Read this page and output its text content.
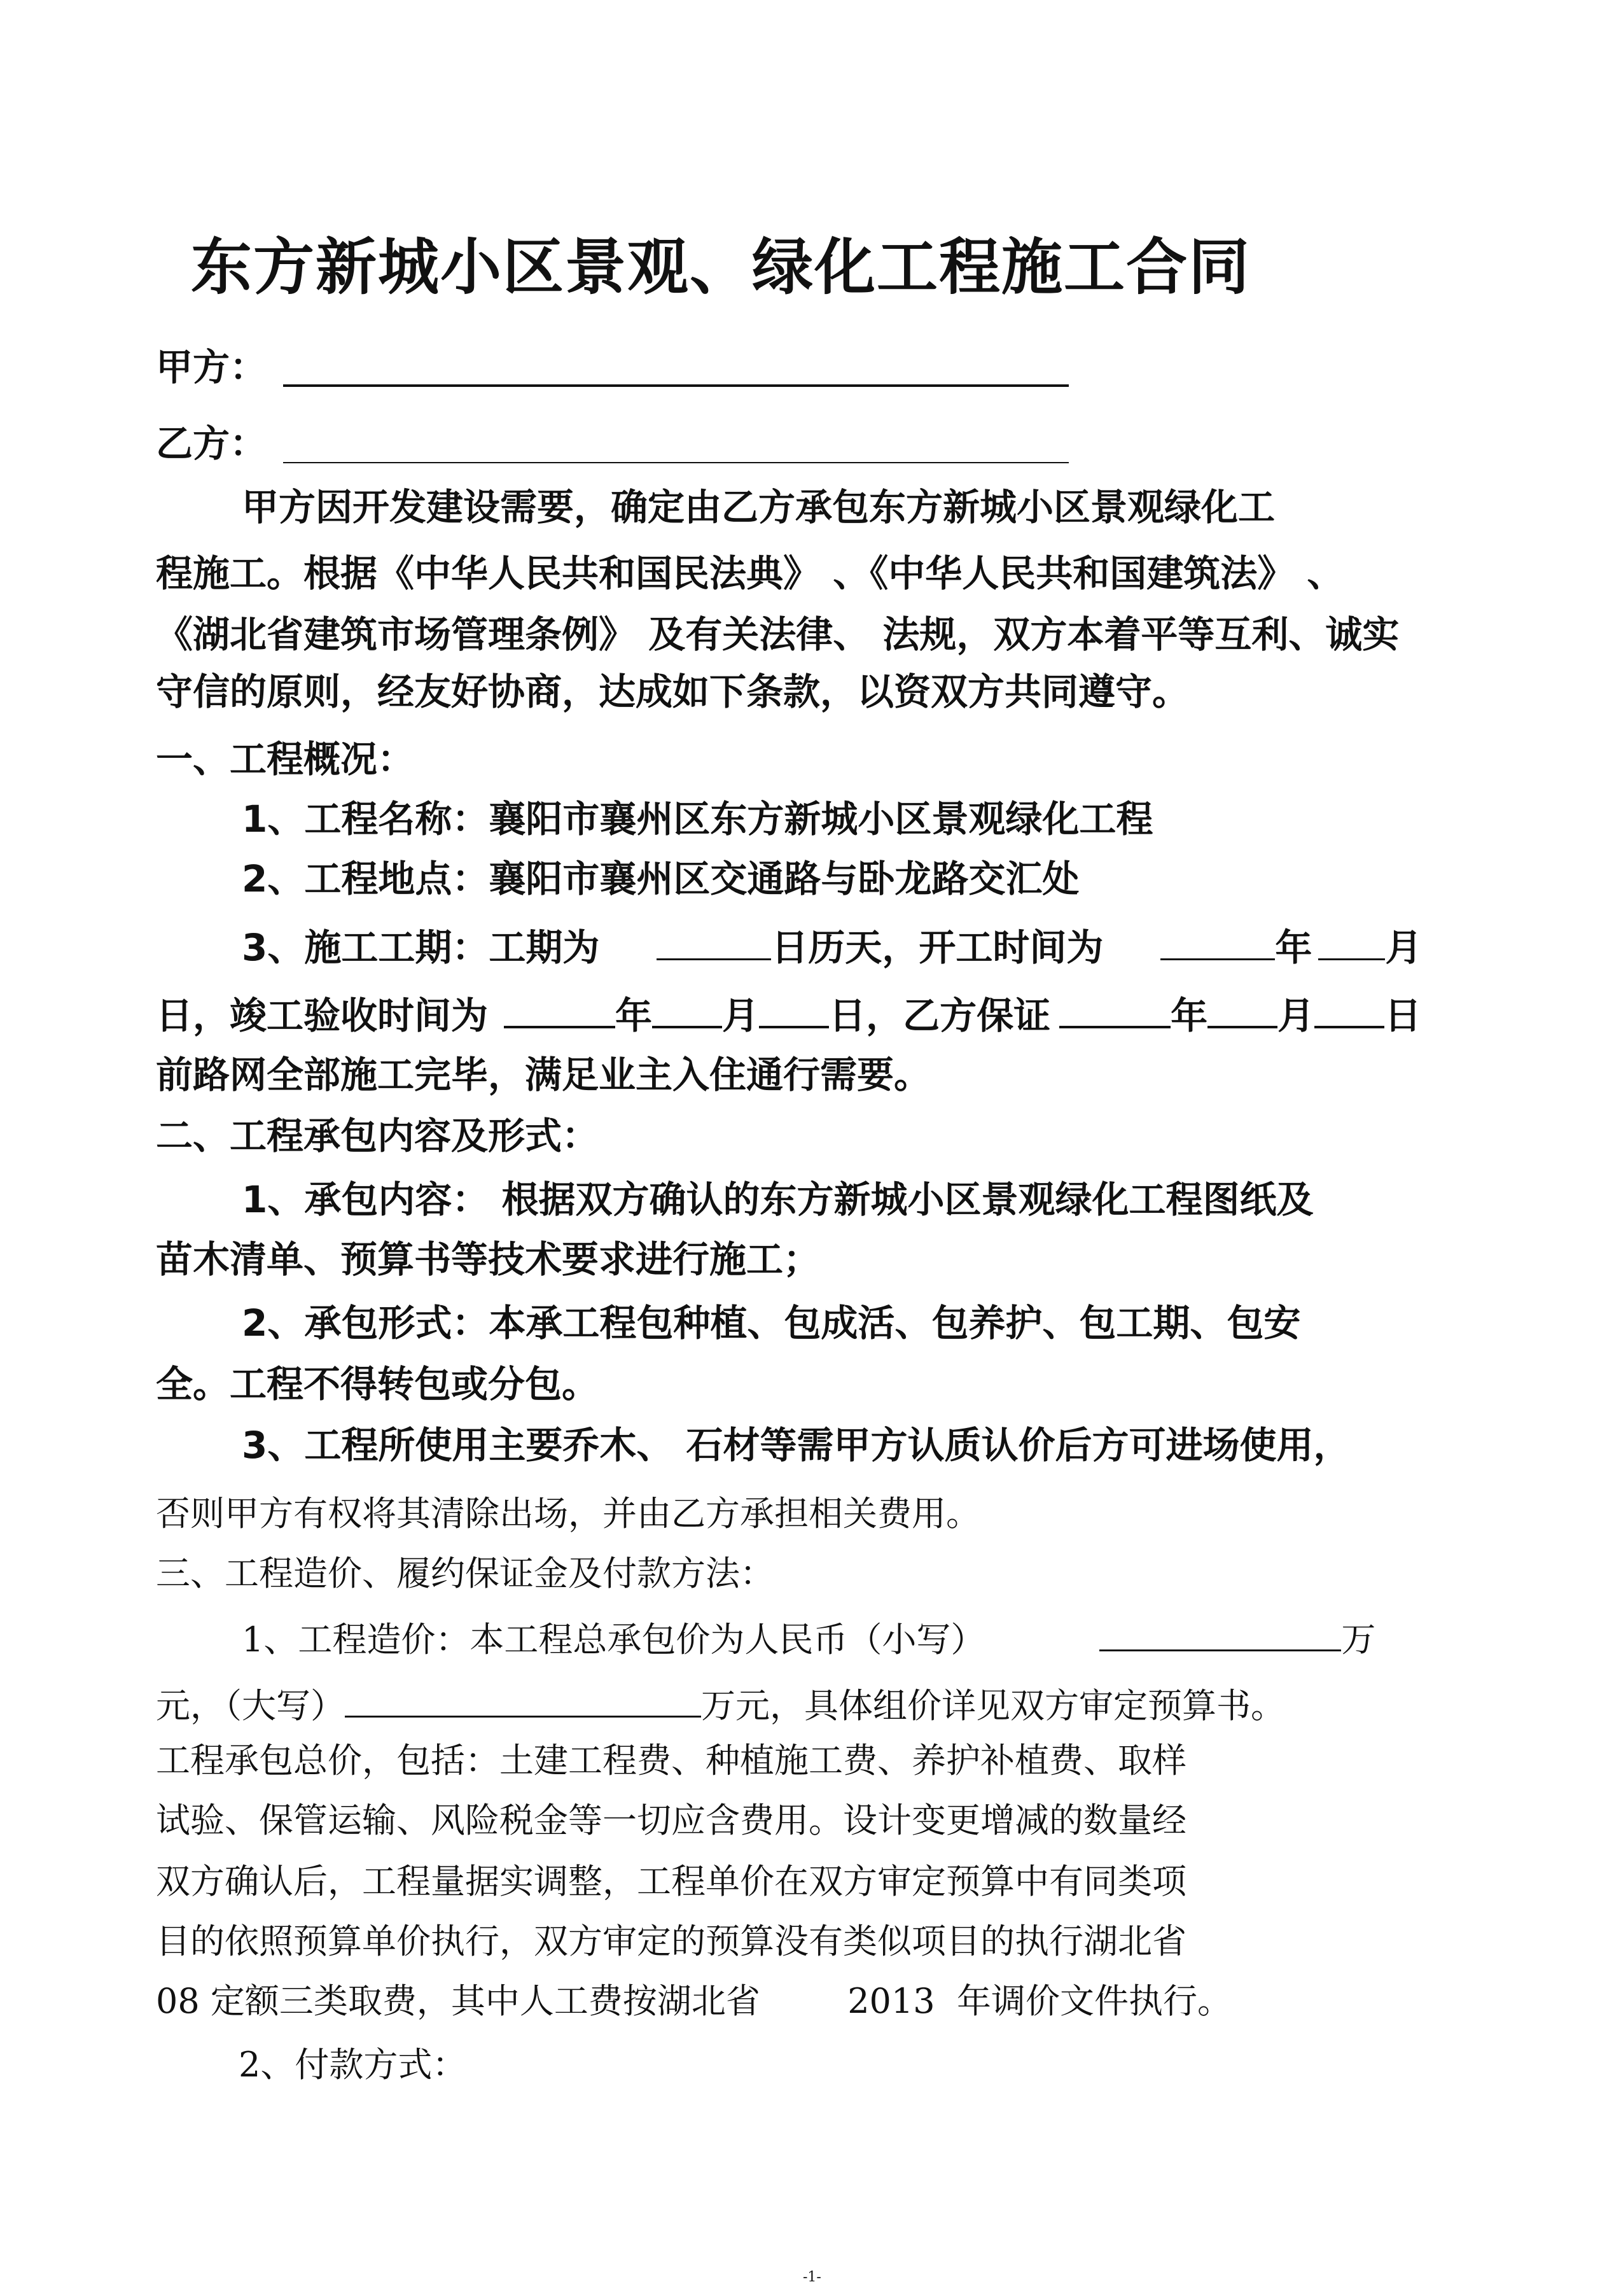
东方新城小区景观、绿化工程施工合同
甲方：
乙方：
甲方因开发建设需要，确定由乙方承包东方新城小区景观绿化工
程施工。根据《中华人民共和国民法典》 、《中华人民共和国建筑法》 、
《湖北省建筑市场管理条例》 及有关法律、 法规，双方本着平等互利、诚实
守信的原则，经友好协商，达成如下条款，以资双方共同遵守。
一、工程概况：
1、工程名称：襄阳市襄州区东方新城小区景观绿化工程
2、工程地点：襄阳市襄州区交通路与卧龙路交汇处
3、施工工期：工期为	日历天，开工时间为	年 月
日，竣工验收时间为	年 月 日，乙方保证	年 月 日
前路网全部施工完毕，满足业主入住通行需要。
二、工程承包内容及形式：
1、承包内容： 根据双方确认的东方新城小区景观绿化工程图纸及
苗木清单、预算书等技术要求进行施工；
2、承包形式：本承工程包种植、包成活、包养护、包工期、包安
全。工程不得转包或分包。
3、工程所使用主要乔木、 石材等需甲方认质认价后方可进场使用，
否则甲方有权将其清除出场，并由乙方承担相关费用。
三、工程造价、履约保证金及付款方法：
1、工程造价：本工程总承包价为人民币（小写）	万
元，（大写）	万元，具体组价详见双方审定预算书。
工程承包总价，包括：土建工程费、种植施工费、养护补植费、取样
试验、保管运输、风险税金等一切应含费用。设计变更增减的数量经
双方确认后，工程量据实调整，工程单价在双方审定预算中有同类项
目的依照预算单价执行，双方审定的预算没有类似项目的执行湖北省
08 定额三类取费，其中人工费按湖北省        2013  年调价文件执行。
2、付款方式：
-1-
